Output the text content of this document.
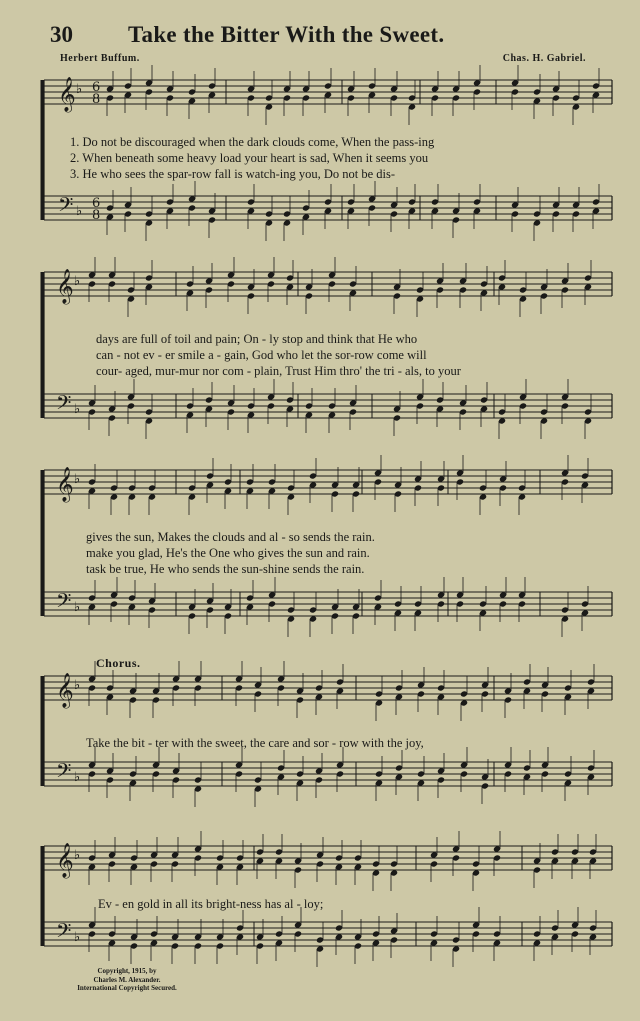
30 Take the Bitter With the Sweet.
Herbert Buffum.	Chas. H. Gabriel.
𝄞
𝄢
♭
♭
6
8
6
8
𝄞
𝄢
♭
♭
𝄞
𝄢
♭
♭
𝄞
𝄢
♭
♭
𝄞
𝄢
♭
♭
1. Do not be discouraged when the dark clouds come, When the pass-ing
2. When beneath some heavy load your heart is sad, When it seems you
3. He who sees the spar-row fall is watch-ing you, Do not be dis-
days are full of toil and pain; On - ly stop and think that He who
can - not ev - er smile a - gain, God who let the sor-row come will
cour- aged, mur-mur nor com - plain, Trust Him thro' the tri - als, to your
gives the sun, Makes the clouds and al - so sends the rain.
make you glad, He's the One who gives the sun and rain.
task be true, He who sends the sun-shine sends the rain.
Chorus.
Take the bit - ter with the sweet, the care and sor - row with the joy,
Ev - en gold in all its bright-ness has al - loy;
Copyright, 1915, by
Charles M. Alexander.
International Copyright Secured.
